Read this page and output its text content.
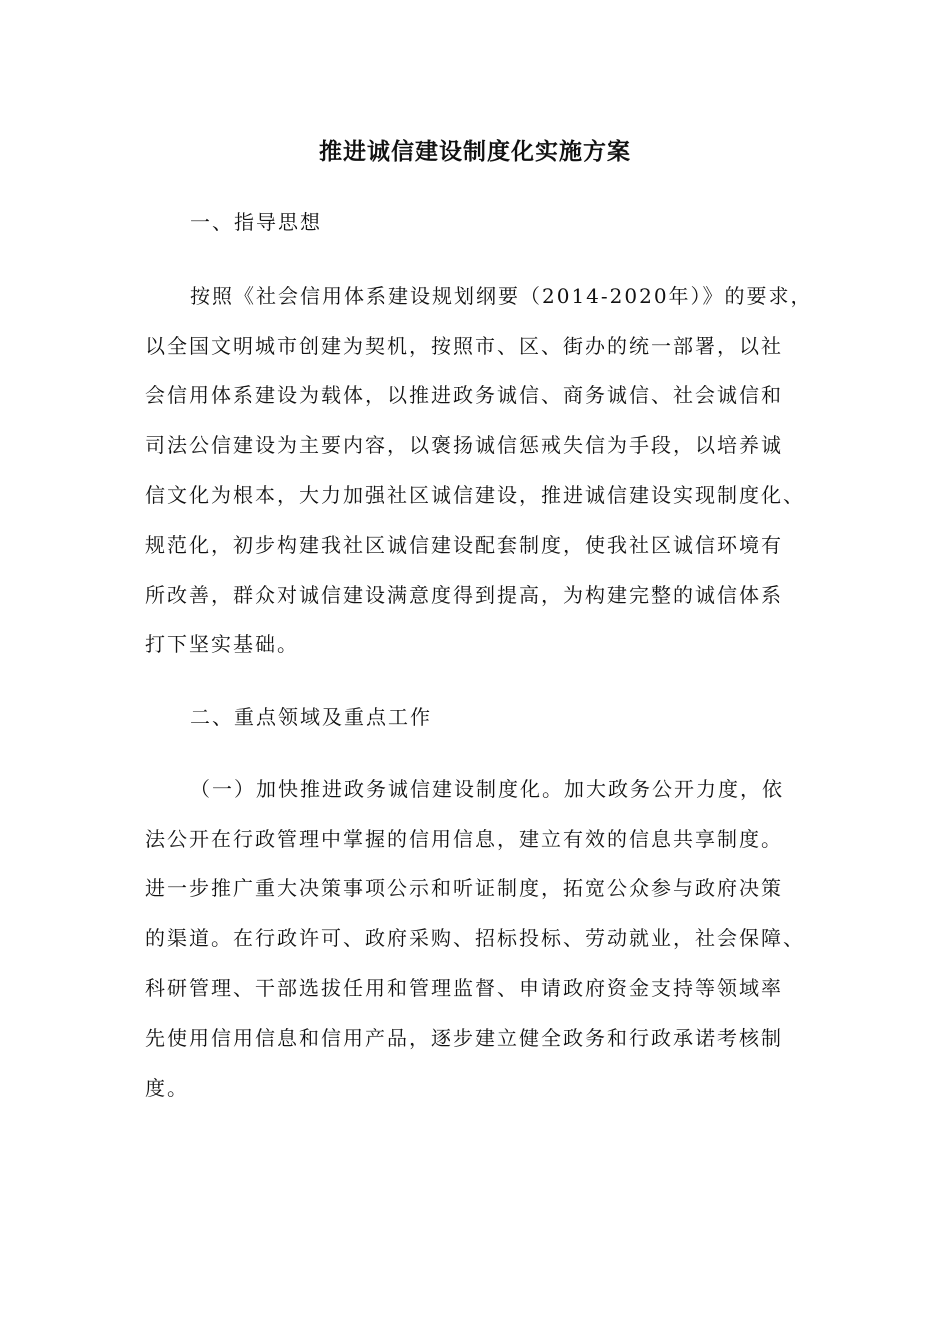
推进诚信建设制度化实施方案
一、指导思想
按照《社会信用体系建设规划纲要（2014-2020年）》的要求，
以全国文明城市创建为契机，按照市、区、街办的统一部署，以社
会信用体系建设为载体，以推进政务诚信、商务诚信、社会诚信和
司法公信建设为主要内容，以褒扬诚信惩戒失信为手段，以培养诚
信文化为根本，大力加强社区诚信建设，推进诚信建设实现制度化、
规范化，初步构建我社区诚信建设配套制度，使我社区诚信环境有
所改善，群众对诚信建设满意度得到提高，为构建完整的诚信体系
打下坚实基础。
二、重点领域及重点工作
（一）加快推进政务诚信建设制度化。加大政务公开力度，依
法公开在行政管理中掌握的信用信息，建立有效的信息共享制度。
进一步推广重大决策事项公示和听证制度，拓宽公众参与政府决策
的渠道。在行政许可、政府采购、招标投标、劳动就业，社会保障、
科研管理、干部选拔任用和管理监督、申请政府资金支持等领域率
先使用信用信息和信用产品，逐步建立健全政务和行政承诺考核制
度。
